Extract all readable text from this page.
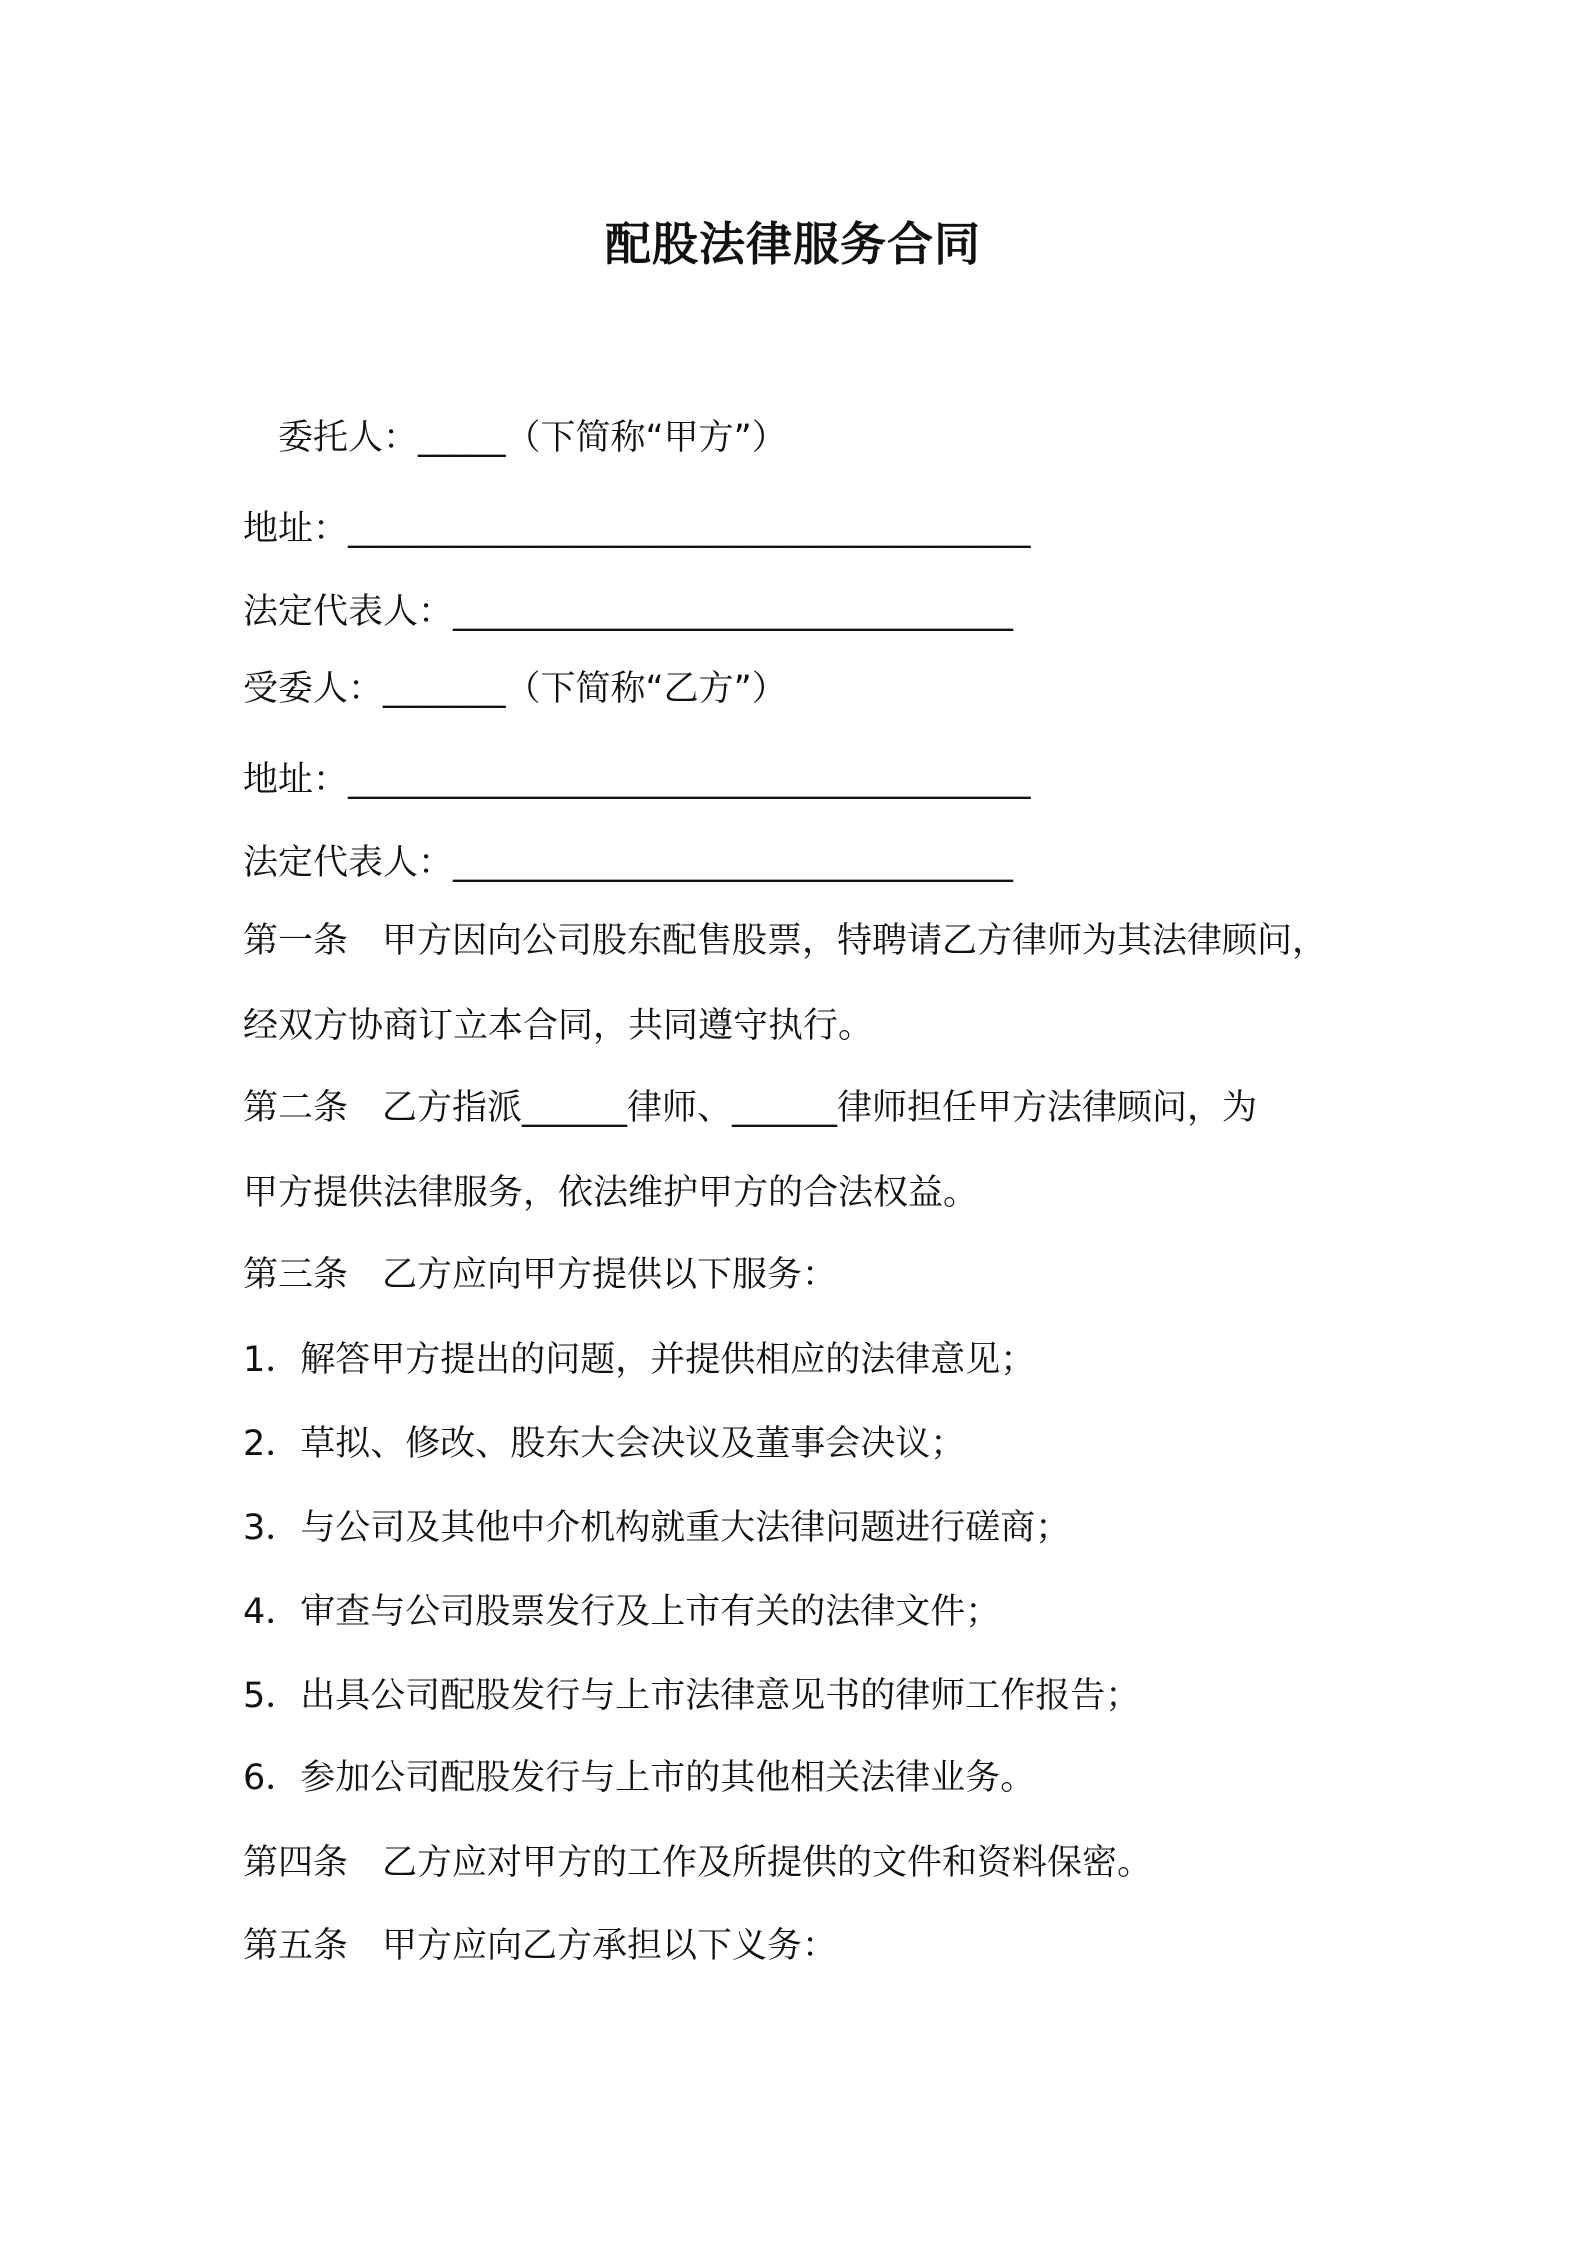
配股法律服务合同
委托人：_____（下简称“甲方”）
地址：_______________________________________
法定代表人：________________________________
受委人：_______（下简称“乙方”）
地址：_______________________________________
法定代表人：________________________________
第一条 甲方因向公司股东配售股票，特聘请乙方律师为其法律顾问，
经双方协商订立本合同，共同遵守执行。
第二条 乙方指派______律师、______律师担任甲方法律顾问，为
甲方提供法律服务，依法维护甲方的合法权益。
第三条 乙方应向甲方提供以下服务：
1．解答甲方提出的问题，并提供相应的法律意见；
2．草拟、修改、股东大会决议及董事会决议；
3．与公司及其他中介机构就重大法律问题进行磋商；
4．审查与公司股票发行及上市有关的法律文件；
5．出具公司配股发行与上市法律意见书的律师工作报告；
6．参加公司配股发行与上市的其他相关法律业务。
第四条 乙方应对甲方的工作及所提供的文件和资料保密。
第五条 甲方应向乙方承担以下义务：
